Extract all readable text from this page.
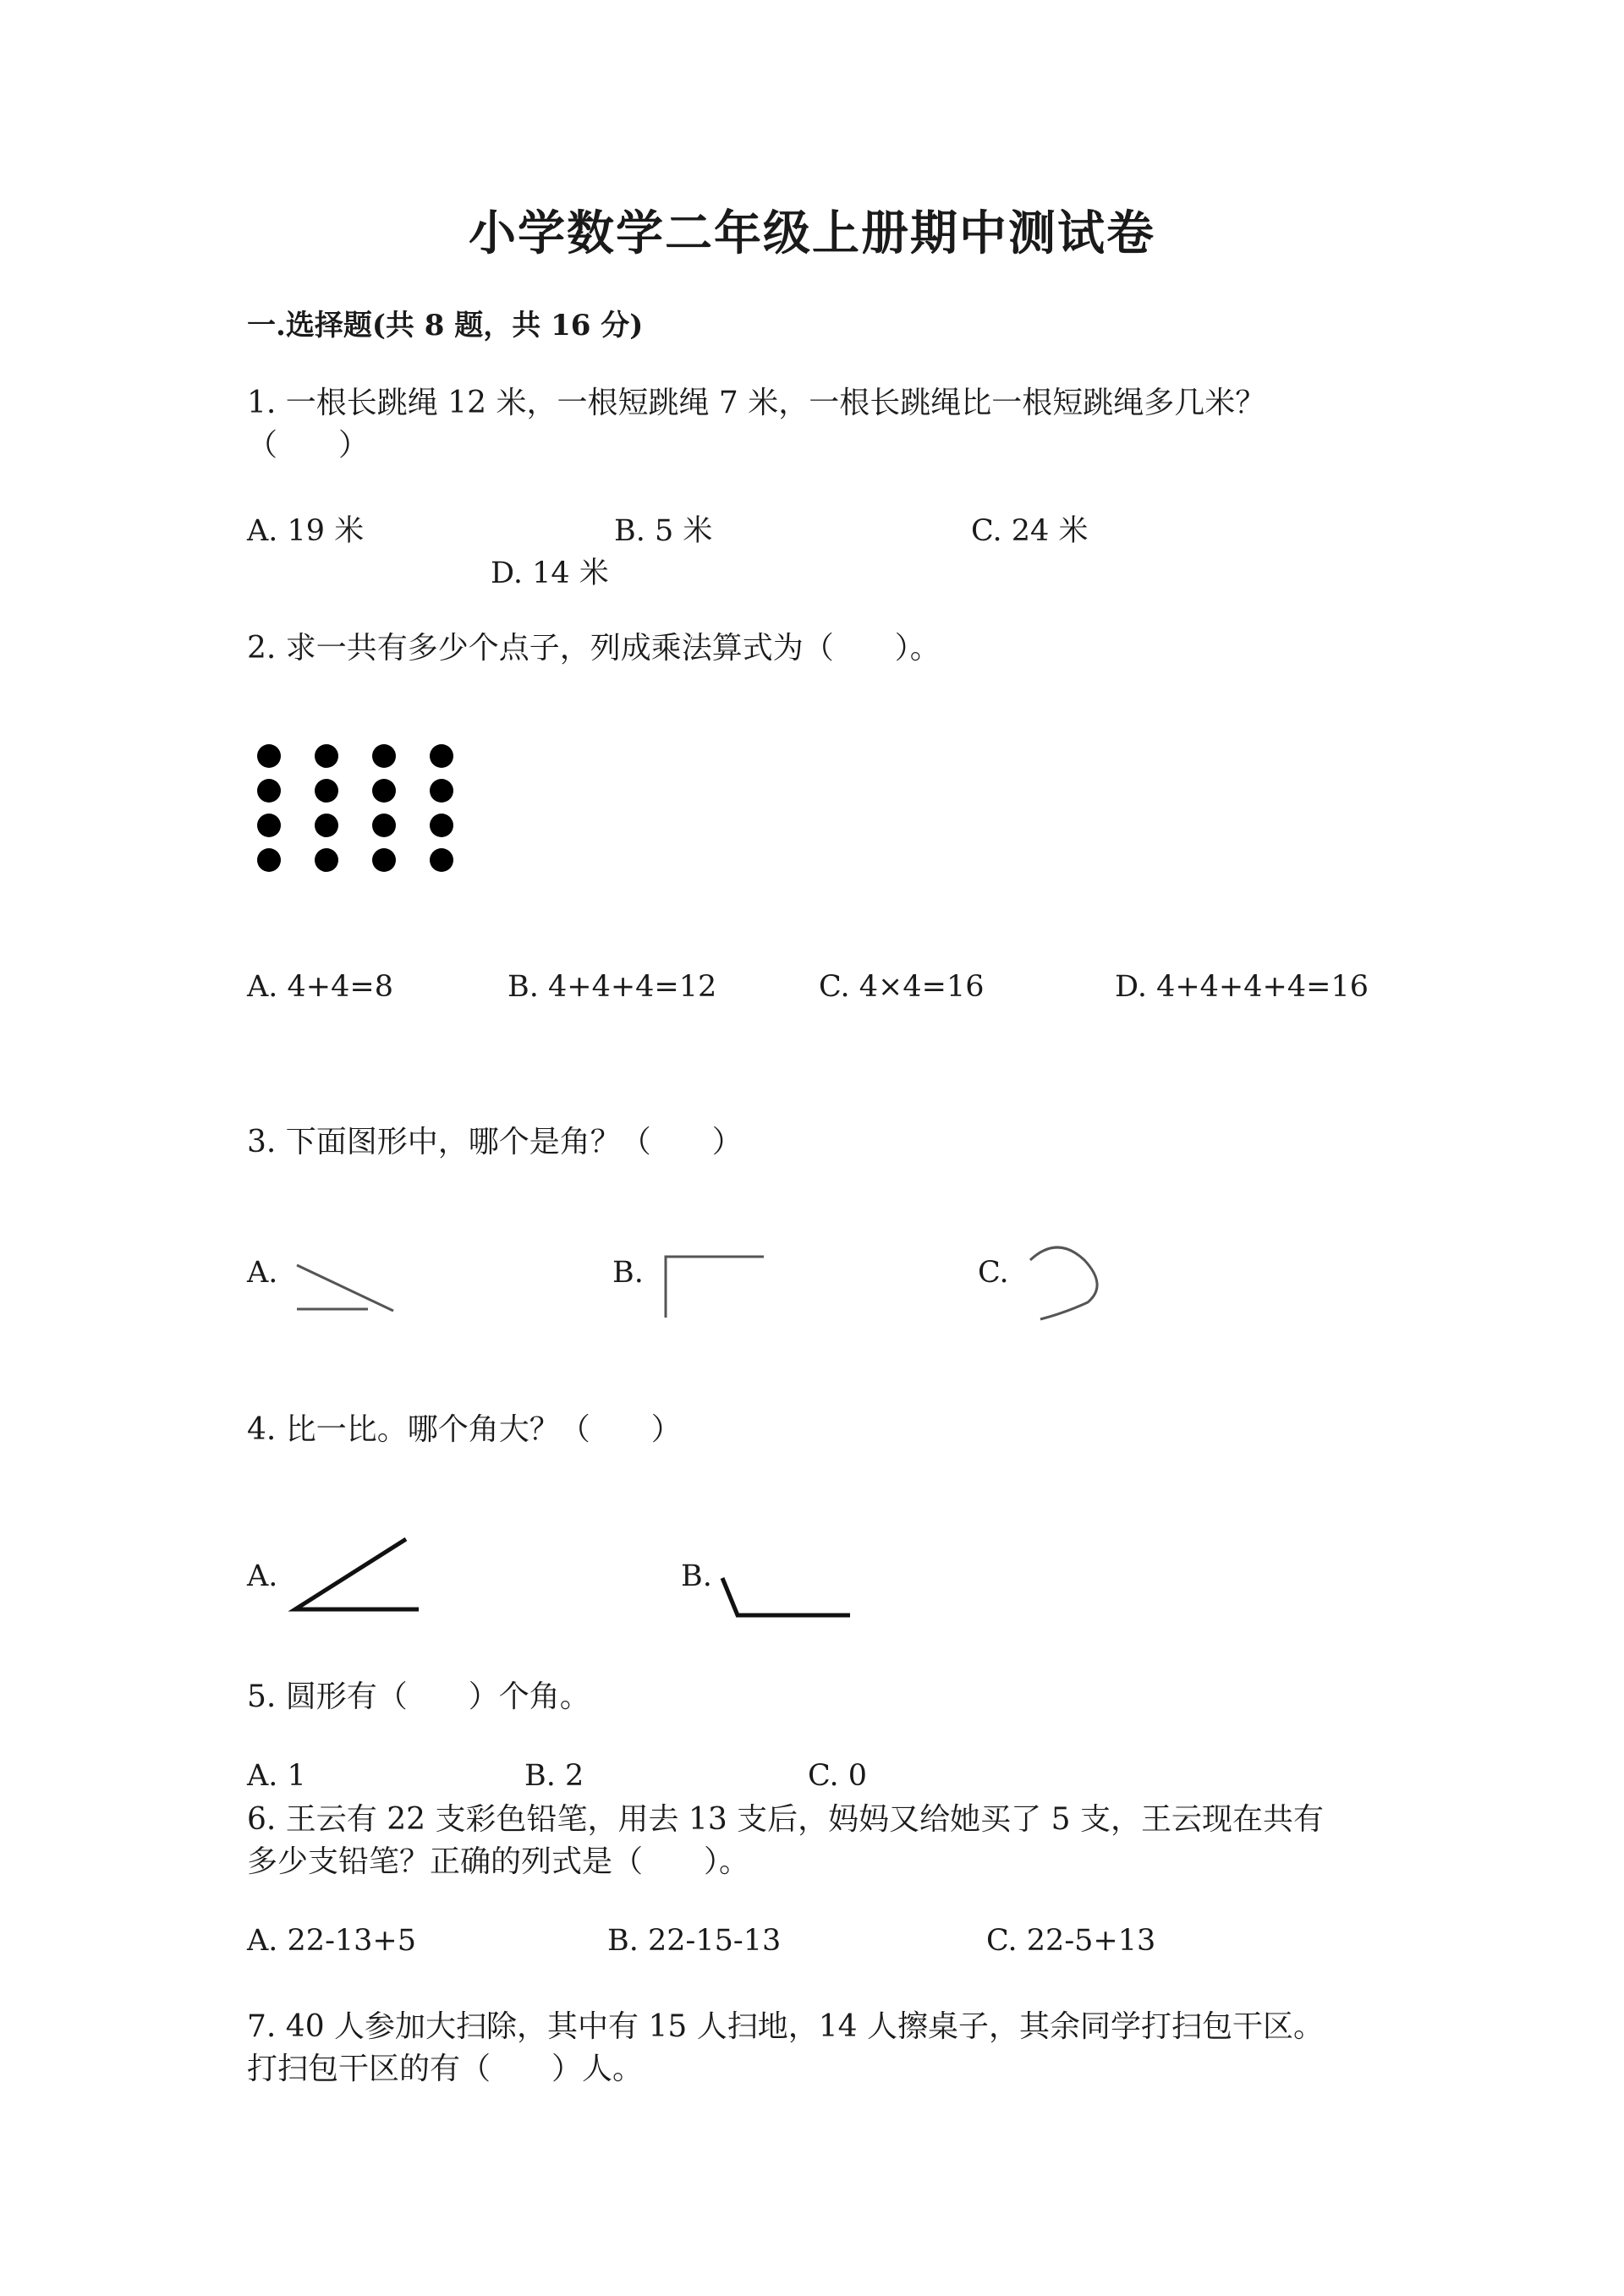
小学数学二年级上册期中测试卷
一.选择题(共 8 题，共 16 分)
1. 一根长跳绳 12 米，一根短跳绳 7 米，一根长跳绳比一根短跳绳多几米？
（　　）
A. 19 米	B. 5 米	C. 24 米
D. 14 米
2. 求一共有多少个点子，列成乘法算式为（　　）。
A. 4+4=8	B. 4+4+4=12	C. 4×4=16	D. 4+4+4+4=16
3. 下面图形中，哪个是角？（　　）
A.	B.	C.
4. 比一比。哪个角大？（　　）
A.	B.
5. 圆形有（　　）个角。
A. 1	B. 2	C. 0
6. 王云有 22 支彩色铅笔，用去 13 支后，妈妈又给她买了 5 支，王云现在共有
多少支铅笔？正确的列式是（　　）。
A. 22-13+5	B. 22-15-13	C. 22-5+13
7. 40 人参加大扫除，其中有 15 人扫地，14 人擦桌子，其余同学打扫包干区。
打扫包干区的有（　　）人。
